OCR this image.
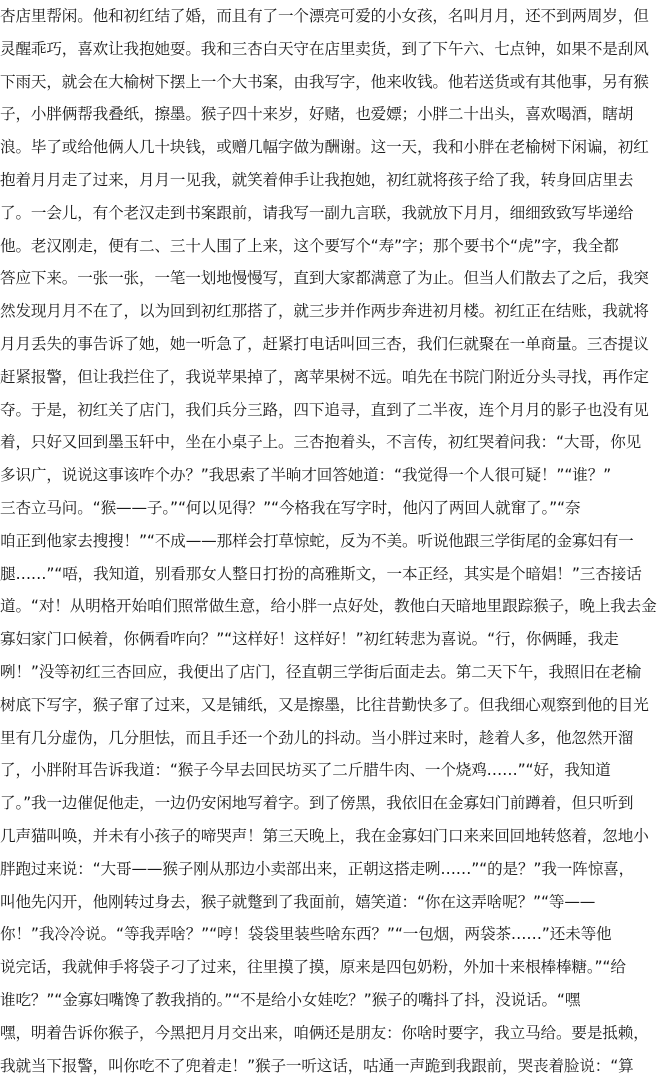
杏店里帮闲。他和初红结了婚，而且有了一个漂亮可爱的小女孩，名叫月月，还不到两周岁，但
灵醒乖巧，喜欢让我抱她耍。我和三杏白天守在店里卖货，到了下午六、七点钟，如果不是刮风
下雨天，就会在大榆树下摆上一个大书案，由我写字，他来收钱。他若送货或有其他事，另有猴
子，小胖俩帮我叠纸，擦墨。猴子四十来岁，好赌，也爱嫖；小胖二十出头，喜欢喝酒，瞎胡
浪。毕了或给他俩人几十块钱，或赠几幅字做为酬谢。这一天，我和小胖在老榆树下闲谝，初红
抱着月月走了过来，月月一见我，就笑着伸手让我抱她，初红就将孩子给了我，转身回店里去
了。一会儿，有个老汉走到书案跟前，请我写一副九言联，我就放下月月，细细致致写毕递给
他。老汉刚走，便有二、三十人围了上来，这个要写个“寿”字；那个要书个“虎”字，我全都
答应下来。一张一张，一笔一划地慢慢写，直到大家都满意了为止。但当人们散去了之后，我突
然发现月月不在了，以为回到初红那搭了，就三步并作两步奔进初月楼。初红正在结账，我就将
月月丢失的事告诉了她，她一听急了，赶紧打电话叫回三杏，我们仨就聚在一单商量。三杏提议
赶紧报警，但让我拦住了，我说苹果掉了，离苹果树不远。咱先在书院门附近分头寻找，再作定
夺。于是，初红关了店门，我们兵分三路，四下追寻，直到了二半夜，连个月月的影子也没有见
着，只好又回到墨玉轩中，坐在小桌子上。三杏抱着头，不言传，初红哭着问我：“大哥，你见
多识广，说说这事该咋个办？”我思索了半晌才回答她道：“我觉得一个人很可疑！”“谁？”
三杏立马问。“猴——子。”“何以见得？”“今格我在写字时，他闪了两回人就窜了。”“奈
咱正到他家去搜搜！”“不成——那样会打草惊蛇，反为不美。听说他跟三学街尾的金寡妇有一
腿……”“唔，我知道，别看那女人整日打扮的高雅斯文，一本正经，其实是个暗娼！”三杏接话
道。“对！从明格开始咱们照常做生意，给小胖一点好处，教他白天暗地里跟踪猴子，晚上我去金
寡妇家门口候着，你俩看咋向？”“这样好！这样好！”初红转悲为喜说。“行，你俩睡，我走
咧！”没等初红三杏回应，我便出了店门，径直朝三学街后面走去。第二天下午，我照旧在老榆
树底下写字，猴子窜了过来，又是铺纸，又是擦墨，比往昔勤快多了。但我细心观察到他的目光
里有几分虚伪，几分胆怯，而且手还一个劲儿的抖动。当小胖过来时，趁着人多，他忽然开溜
了，小胖附耳告诉我道：“猴子今早去回民坊买了二斤腊牛肉、一个烧鸡……”“好，我知道
了。”我一边催促他走，一边仍安闲地写着字。到了傍黑，我依旧在金寡妇门前蹲着，但只听到
几声猫叫唤，并未有小孩子的啼哭声！第三天晚上，我在金寡妇门口来来回回地转悠着，忽地小
胖跑过来说：“大哥——猴子刚从那边小卖部出来，正朝这搭走咧……”“的是？”我一阵惊喜，
叫他先闪开，他刚转过身去，猴子就蹩到了我面前，嬉笑道：“你在这弄啥呢？”“等——
你！”我冷冷说。“等我弄啥？”“哼！袋袋里装些啥东西？”“一包烟，两袋茶……”还未等他
说完话，我就伸手将袋子刁了过来，往里摸了摸，原来是四包奶粉，外加十来根棒棒糖。”“给
谁吃？”“金寡妇嘴馋了教我捎的。”“不是给小女娃吃？”猴子的嘴抖了抖，没说话。“嘿
嘿，明着告诉你猴子，今黑把月月交出来，咱俩还是朋友：你啥时要字，我立马给。要是抵赖，
我就当下报警，叫你吃不了兜着走！”猴子一听这话，咕通一声跪到我跟前，哭丧着脸说：“算
